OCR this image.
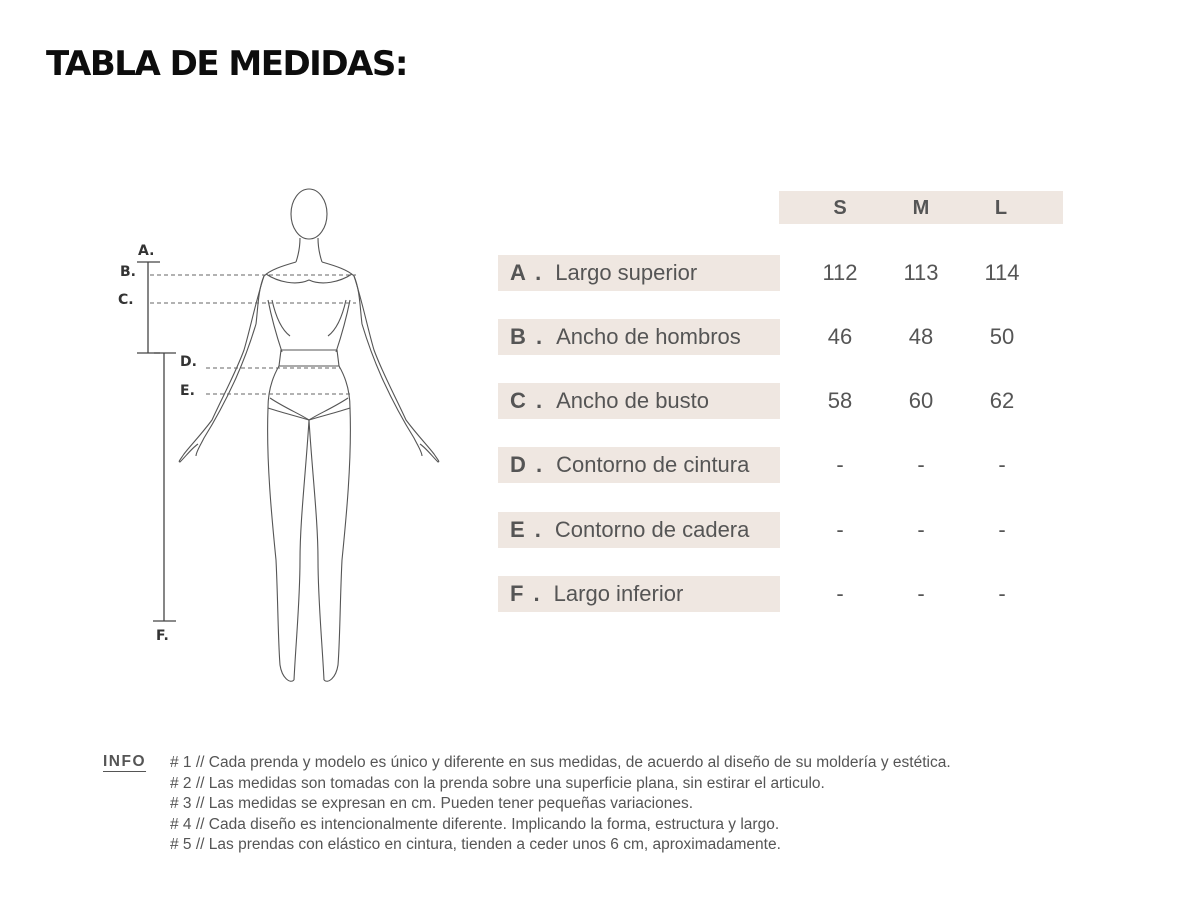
TABLA DE MEDIDAS:
A.
B.
C.
D.
E.
F.
S	M	L
A . Largo superior	112	113	114
B . Ancho de hombros	46	48	50
C . Ancho de busto	58	60	62
D . Contorno de cintura	-	-	-
E . Contorno de cadera	-	-	-
F . Largo inferior	-	-	-
INFO # 1 // Cada prenda y modelo es único y diferente en sus medidas, de acuerdo al diseño de su moldería y estética.
# 2 // Las medidas son tomadas con la prenda sobre una superficie plana, sin estirar el articulo.
# 3 // Las medidas se expresan en cm. Pueden tener pequeñas variaciones.
# 4 // Cada diseño es intencionalmente diferente. Implicando la forma, estructura y largo.
# 5 // Las prendas con elástico en cintura, tienden a ceder unos 6 cm, aproximadamente.
